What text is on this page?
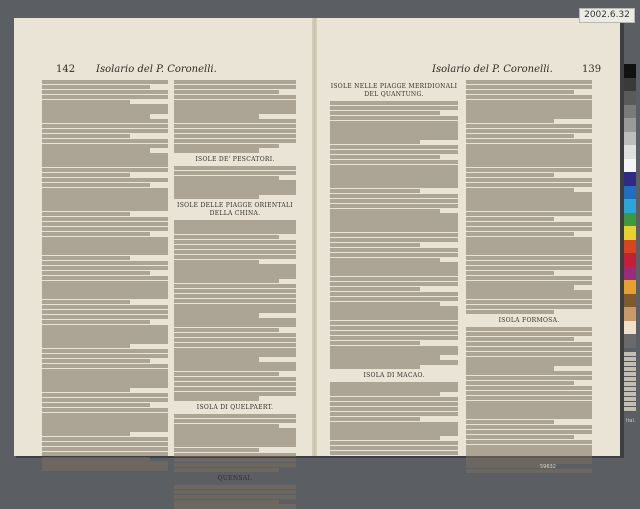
142 Isolario del P. Coronelli.
ISOLE DE' PESCATORI.
ISOLE DELLE PIAGGE ORIENTALI DELLA CHINA.
ISOLA DI QUELPAERT.
QUENSAI.
Isolario del P. Coronelli.	139
ISOLE NELLE PIAGGE MERIDIONALI DEL QUANTUNG.
ISOLA DI MACAO.
ISOLA FORMOSA.
2002.6.32
Ital.
59632
